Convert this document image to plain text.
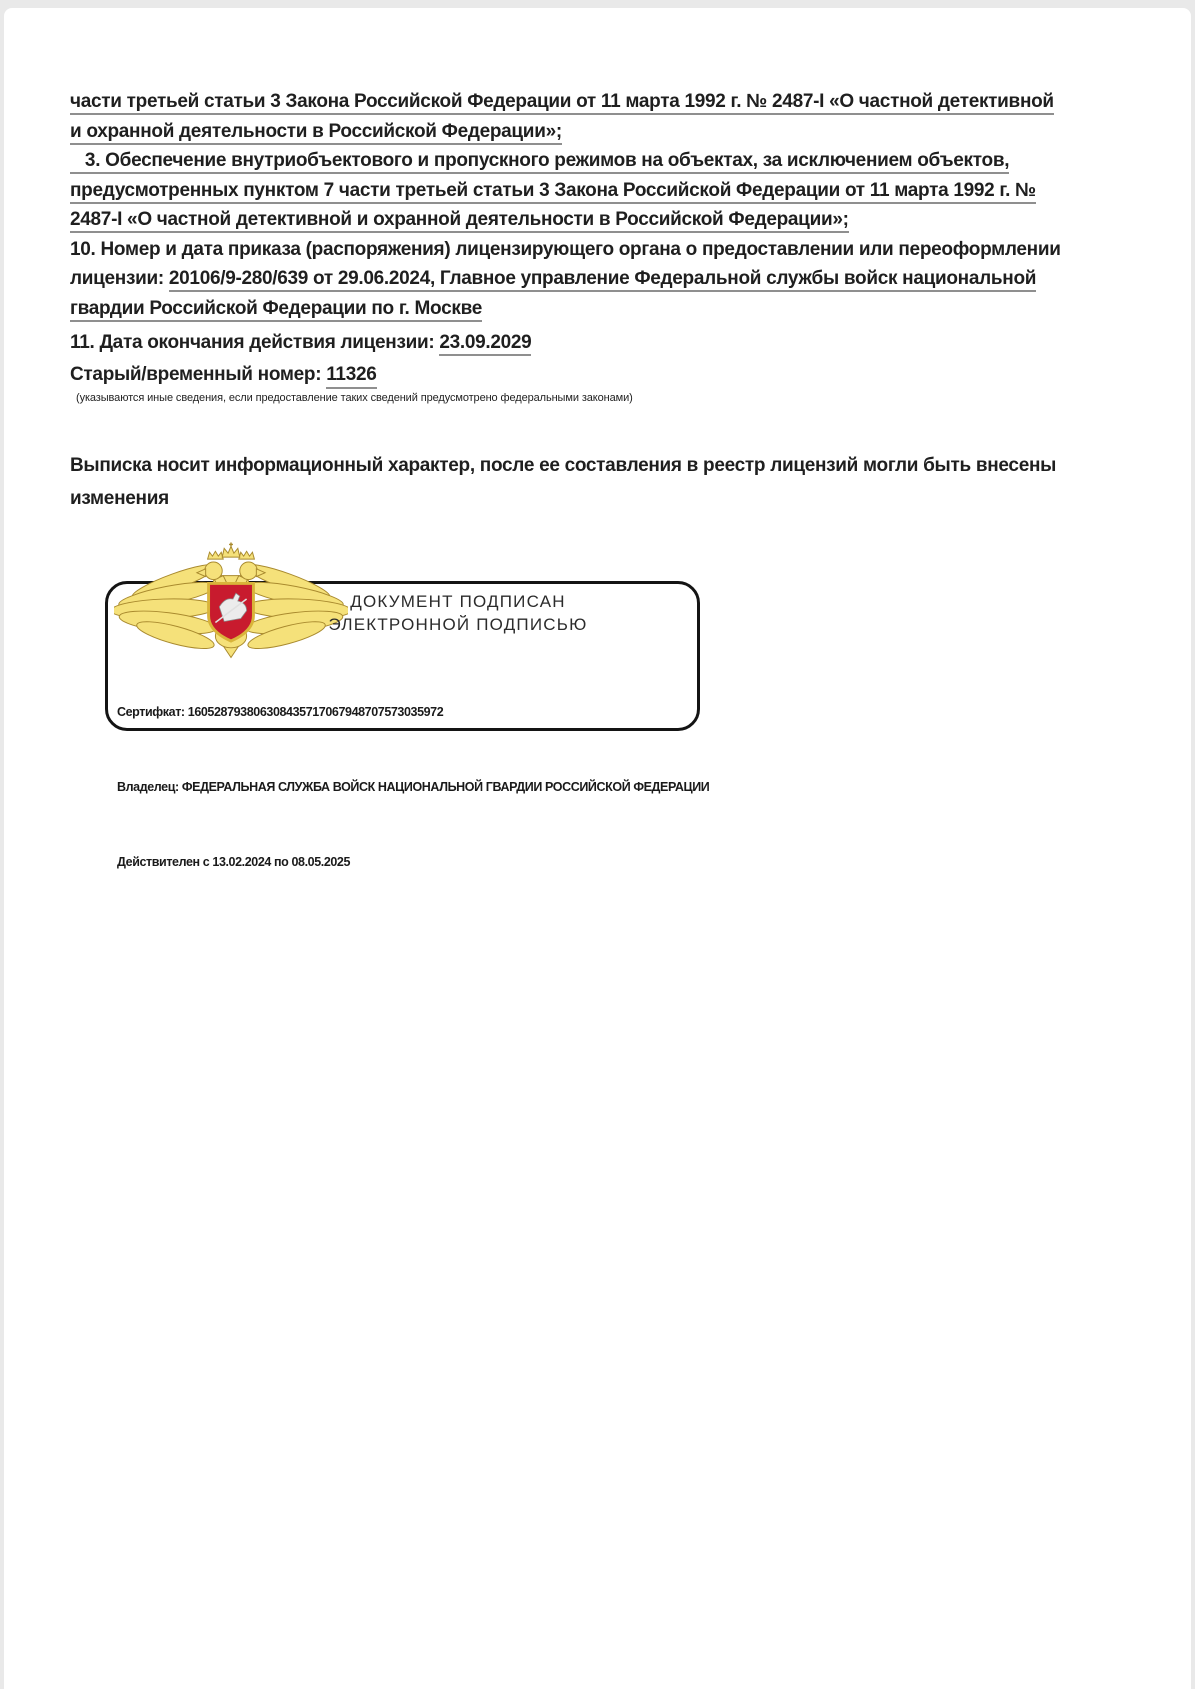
части третьей статьи 3 Закона Российской Федерации от 11 марта 1992 г. № 2487-I «О частной детективной
и охранной деятельности в Российской Федерации»;
3. Обеспечение внутриобъектового и пропускного режимов на объектах, за исключением объектов,
предусмотренных пунктом 7 части третьей статьи 3 Закона Российской Федерации от 11 марта 1992 г. №
2487-I «О частной детективной и охранной деятельности в Российской Федерации»;
10. Номер и дата приказа (распоряжения) лицензирующего органа о предоставлении или переоформлении
лицензии: 20106/9-280/639 от 29.06.2024, Главное управление Федеральной службы войск национальной
гвардии Российской Федерации по г. Москве
11. Дата окончания действия лицензии: 23.09.2029
Старый/временный номер: 11326
(указываются иные сведения, если предоставление таких сведений предусмотрено федеральными законами)
Выписка носит информационный характер, после ее составления в реестр лицензий могли быть внесены
изменения
ДОКУМЕНТ ПОДПИСАН
ЭЛЕКТРОННОЙ ПОДПИСЬЮ

Сертифкат: 160528793806308435717067948707573035972

Владелец: ФЕДЕРАЛЬНАЯ СЛУЖБА ВОЙСК НАЦИОНАЛЬНОЙ ГВАРДИИ РОССИЙСКОЙ ФЕДЕРАЦИИ

Действителен с 13.02.2024 по 08.05.2025
